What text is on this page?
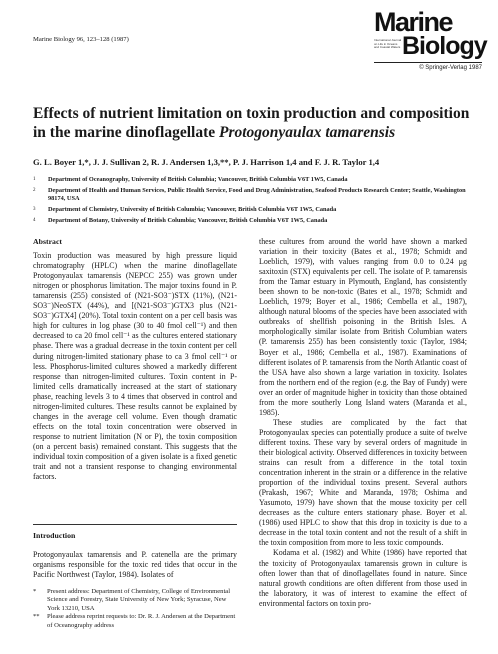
Marine Biology 96, 123–128 (1987)
Marine
International Journal on Life in Oceans and Coastal Waters Biology
© Springer-Verlag 1987
Effects of nutrient limitation on toxin production and composition in the marine dinoflagellate Protogonyaulax tamarensis
G. L. Boyer 1,*, J. J. Sullivan 2, R. J. Andersen 1,3,**, P. J. Harrison 1,4 and F. J. R. Taylor 1,4
1 Department of Oceanography, University of British Columbia; Vancouver, British Columbia V6T 1W5, Canada
2 Department of Health and Human Services, Public Health Service, Food and Drug Administration, Seafood Products Research Center; Seattle, Washington 98174, USA
3 Department of Chemistry, University of British Columbia; Vancouver, British Columbia V6T 1W5, Canada
4 Department of Botany, University of British Columbia; Vancouver, British Columbia V6T 1W5, Canada
Abstract

Toxin production was measured by high pressure liquid chromatography (HPLC) when the marine dinoflagellate Protogonyaulax tamarensis (NEPCC 255) was grown under nitrogen or phosphorus limitation. The major toxins found in P. tamarensis (255) consisted of (N21-SO3⁻)STX (11%), (N21-SO3⁻)NeoSTX (44%), and [(N21-SO3⁻)GTX3 plus (N21-SO3⁻)GTX4] (20%). Total toxin content on a per cell basis was high for cultures in log phase (30 to 40 fmol cell⁻¹) and then decreased to ca 20 fmol cell⁻¹ as the cultures entered stationary phase. There was a gradual decrease in the toxin content per cell during nitrogen-limited stationary phase to ca 3 fmol cell⁻¹ or less. Phosphorus-limited cultures showed a markedly different response than nitrogen-limited cultures. Toxin content in P-limited cells dramatically increased at the start of stationary phase, reaching levels 3 to 4 times that observed in control and nitrogen-limited cultures. These results cannot be explained by changes in the average cell volume. Even though dramatic effects on the total toxin concentration were observed in response to nutrient limitation (N or P), the toxin composition (on a percent basis) remained constant. This suggests that the individual toxin composition of a given isolate is a fixed genetic trait and not a transient response to changing environmental factors.

Introduction
Protogonyaulax tamarensis and P. catenella are the primary organisms responsible for the toxic red tides that occur in the Pacific Northwest (Taylor, 1984). Isolates of
* Present address: Department of Chemistry, College of Environmental Science and Forestry, State University of New York; Syracuse, New York 13210, USA
** Please address reprint requests to: Dr. R. J. Andersen at the Department of Oceanography address

these cultures from around the world have shown a marked variation in their toxicity (Bates et al., 1978; Schmidt and Loeblich, 1979), with values ranging from 0.0 to 0.24 μg saxitoxin (STX) equivalents per cell. The isolate of P. tamarensis from the Tamar estuary in Plymouth, England, has consistently been shown to be non-toxic (Bates et al., 1978; Schmidt and Loeblich, 1979; Boyer et al., 1986; Cembella et al., 1987), although natural blooms of the species have been associated with outbreaks of shellfish poisoning in the British Isles. A morphologically similar isolate from British Columbian waters (P. tamarensis 255) has been consistently toxic (Taylor, 1984; Boyer et al., 1986; Cembella et al., 1987). Examinations of different isolates of P. tamarensis from the North Atlantic coast of the USA have also shown a large variation in toxicity. Isolates from the northern end of the region (e.g. the Bay of Fundy) were over an order of magnitude higher in toxicity than those obtained from the more southerly Long Island waters (Maranda et al., 1985).

These studies are complicated by the fact that Protogonyaulax species can potentially produce a suite of twelve different toxins. These vary by several orders of magnitude in their biological activity. Observed differences in toxicity between strains can result from a difference in the total toxin concentration inherent in the strain or a difference in the relative proportion of the individual toxins present. Several authors (Prakash, 1967; White and Maranda, 1978; Oshima and Yasumoto, 1979) have shown that the mouse toxicity per cell decreases as the culture enters stationary phase. Boyer et al. (1986) used HPLC to show that this drop in toxicity is due to a decrease in the total toxin content and not the result of a shift in the toxin composition from more to less toxic compounds.

Kodama et al. (1982) and White (1986) have reported that the toxicity of Protogonyaulax tamarensis grown in culture is often lower than that of dinoflagellates found in nature. Since natural growth conditions are often different from those used in the laboratory, it was of interest to examine the effect of environmental factors on toxin pro-
